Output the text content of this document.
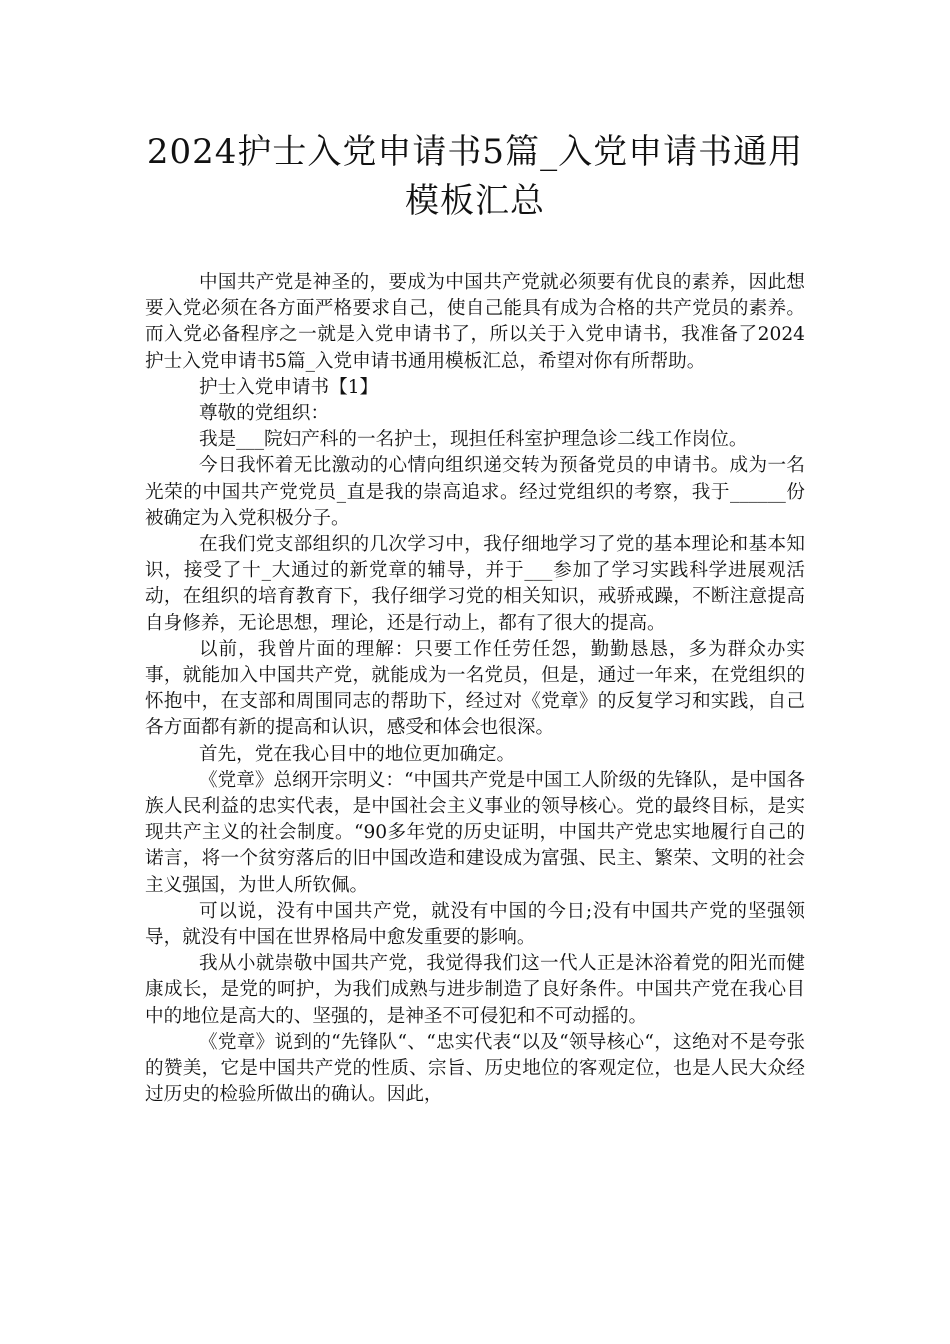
2024护士入党申请书5篇_入党申请书通用
模板汇总

中国共产党是神圣的，要成为中国共产党就必须要有优良的素养，因此想要入党必须在各方面严格要求自己，使自己能具有成为合格的共产党员的素养。而入党必备程序之一就是入党申请书了，所以关于入党申请书，我准备了2024护士入党申请书5篇_入党申请书通用模板汇总，希望对你有所帮助。

护士入党申请书【1】

尊敬的党组织：

我是___院妇产科的一名护士，现担任科室护理急诊二线工作岗位。

今日我怀着无比激动的心情向组织递交转为预备党员的申请书。成为一名光荣的中国共产党党员_直是我的崇高追求。经过党组织的考察，我于______份被确定为入党积极分子。

在我们党支部组织的几次学习中，我仔细地学习了党的基本理论和基本知识，接受了十_大通过的新党章的辅导，并于___参加了学习实践科学进展观活动，在组织的培育教育下，我仔细学习党的相关知识，戒骄戒躁，不断注意提高自身修养，无论思想，理论，还是行动上，都有了很大的提高。

以前，我曾片面的理解：只要工作任劳任怨，勤勤恳恳，多为群众办实事，就能加入中国共产党，就能成为一名党员，但是，通过一年来，在党组织的怀抱中，在支部和周围同志的帮助下，经过对《党章》的反复学习和实践，自己各方面都有新的提高和认识，感受和体会也很深。

首先，党在我心目中的地位更加确定。

《党章》总纲开宗明义：“中国共产党是中国工人阶级的先锋队，是中国各族人民利益的忠实代表，是中国社会主义事业的领导核心。党的最终目标，是实现共产主义的社会制度。“90多年党的历史证明，中国共产党忠实地履行自己的诺言，将一个贫穷落后的旧中国改造和建设成为富强、民主、繁荣、文明的社会主义强国，为世人所钦佩。

可以说，没有中国共产党，就没有中国的今日;没有中国共产党的坚强领导，就没有中国在世界格局中愈发重要的影响。

我从小就崇敬中国共产党，我觉得我们这一代人正是沐浴着党的阳光而健康成长，是党的呵护，为我们成熟与进步制造了良好条件。中国共产党在我心目中的地位是高大的、坚强的，是神圣不可侵犯和不可动摇的。

《党章》说到的“先锋队“、“忠实代表“以及“领导核心“，这绝对不是夸张的赞美，它是中国共产党的性质、宗旨、历史地位的客观定位，也是人民大众经过历史的检验所做出的确认。因此，
